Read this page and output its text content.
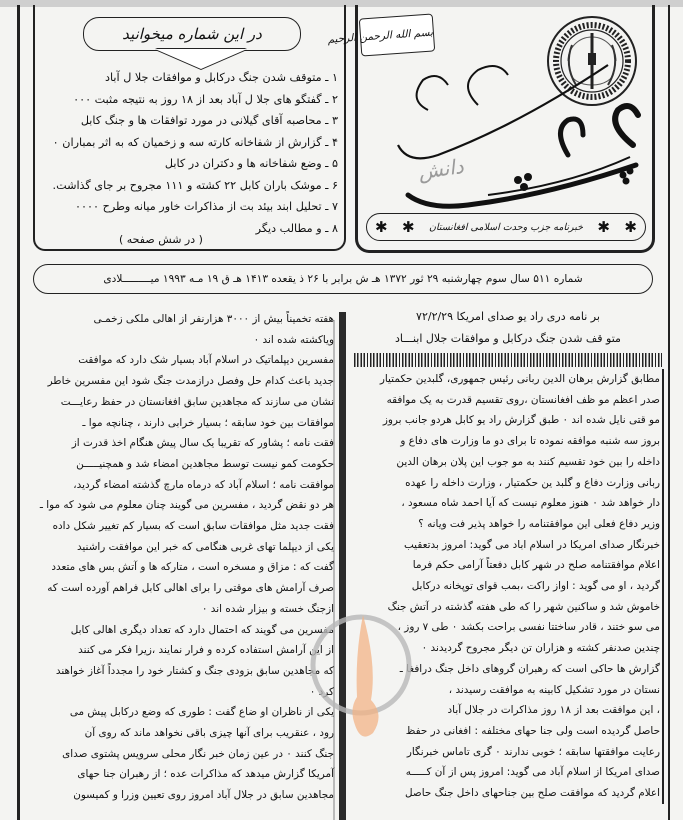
در این شماره میخوانید
۱ ـ متوقف شدن جنگ درکابل و موافقات جلا ل آباد
۲ ـ گفتگو های جلا ل آباد بعد از ۱۸ روز به نتیجه مثبت ۰۰۰
۳ ـ محاصبه آقای گیلانی در مورد توافقات ها و جنگ کابل
۴ ـ گزارش از شفاخانه کارته سه و زخمیان که به اثر بمباران ۰
۵ ـ وضع شفاخانه ها و دکتران در کابل
۶ ـ موشک باران کابل ۲۲ کشته و ۱۱۱ مجروح بر جای گذاشت.
۷ ـ تحلیل ابند بیئد بت از مذاکرات خاور میانه وطرح ۰۰۰۰
۸ ـ و مطالب دیگر
( در شش صفحه )
بسم الله الرحمن الرحیم
دانش
✱ ✱ خبرنامه جزب وحدت اسلامی افغانستان ✱ ✱
شماره ۵۱۱ سال سوم چهارشنبه ۲۹ ثور ۱۳۷۲ هـ ش برابر با ۲۶ ذ یقعده ۱۴۱۳ هـ ق ۱۹ مـه ۱۹۹۳ میـــــــــلادی

بر نامه دری راد یو صدای امریکا ۷۲/۲/۲۹

متو قف شدن جنگ درکابل و موافقات جلال ابنـــاد

مطابق گزارش برهان الدین ربانی رئیس جمهوری، گلبدین حکمتیار

صدر اعظم مو ظف افغانستان ،روی تقسیم قدرت به یک موافقه

مو قتی نایل شده اند ۰ طبق گزارش راد یو کابل هردو جانب بروز

بروز سه شنبه موافقه نموده تا برای دو ما وزارت های دفاع و

داخله را بین خود تقسیم کنند به مو جوب این پلان برهان الدین

ربانی وزارت دفاع و گلبد ین حکمتیار ، وزارت داخله را عهده

دار خواهد شد ۰ هنوز معلوم نیست که آیا احمد شاه مسعود ،

وزیر دفاع فعلی این موافقتنامه را خواهد پذیر فت ویانه ؟

خبرنگار صدای امریکا در اسلام اباد می گوید: امروز بدتعقیب

اعلام موافقتنامه صلح در شهر کابل دفعتاً آرامی حکم فرما

گردید ، او می گوید : اواز راکت ،بمب قوای توپخانه درکابل

خاموش شد و ساکنین شهر را که طی هفته گذشته در آتش جنگ

می سو ختند ، قادر ساختتا نفسی براحت بکشد ۰ طی ۷ روز ،

چندین صدنفر کشته و هزاران تن دیگر مجروح گردیدند ۰

گزارش ها حاکی است که رهبران گروهای داخل جنگ درافغا ـ

نستان در مورد تشکیل کابینه به موافقت رسیدند ،

، این موافقت بعد از ۱۸ روز مذاکرات در جلال آباد

حاصل گردیده است ولی جنا حهای مختلفه : افغانی در حفظ

رعایت موافقتها سابقه ؛ خوبی ندارند ۰ گری تاماس خبرنگار

صدای امریکا از اسلام آباد می گوید: امروز پس از آن کـــــه

اعلام گردید که موافقت صلح بین جناحهای داخل جنگ حاصل

هفته تخمیناً بیش از ۳۰۰۰ هزارنفر از اهالی ملکی زخمـی

ویاکشته شده اند ۰

مفسرین دیپلماتیک در اسلام آباد بسیار شک دارد که موافقت

جدید باعث کدام حل وفصل درازمدت جنگ شود این مفسرین خاطر

نشان می سازند که مجاهدین سابق افغانستان در حفظ رعایـــت

موافقات بین خود سابقه ؛ بسیار خرابی دارند ، چنانچه موا ـ

فقت نامه ؛ پشاور که تقریبا یک سال پیش هنگام اخذ قدرت از

حکومت کمو نیست توسط مجاهدین امضاء شد و همچنیـــــن

موافقت نامه ؛ اسلام آباد که درماه مارچ گذشته امضاء گردید،

هر دو نقض گردید ، مفسرین می گویند چنان معلوم می شود که موا ـ

فقت جدید مثل موافقات سابق است که بسیار کم تغییر شکل داده

یکی از دیپلما تهای غربی هنگامی که خبر این موافقت راشنید

گفت که : مزاق و مسخره است ، متارکه ها و آتش بس های متعدد

صرف آرامش های موقتی را برای اهالی کابل فراهم آورده است که

ازجنگ خسته و بیزار شده اند ۰

مفسرین می گویند که احتمال دارد که تعداد دیگری اهالی کابل

از این آرامش استفاده کرده و فرار نمایند ،زیرا فکر می کنند

که مجاهدین سابق بزودی جنگ و کشتار خود را مجدداً آغاز خواهند

کرد ۰

یکی از ناظران او ضاع گفت : طوری که وضع درکابل پیش می

رود ، عنقریب برای آنها چیزی باقی نخواهد ماند که روی آن

جنگ کنند ۰ در عین زمان خبر نگار محلی سرویس پشتوی صدای

آمریکا گزارش میدهد که مذاکرات عده ؛ از رهبران جنا حهای

مجاهدین سابق در جلال آباد امروز روی تعیین وزرا و کمیسون
